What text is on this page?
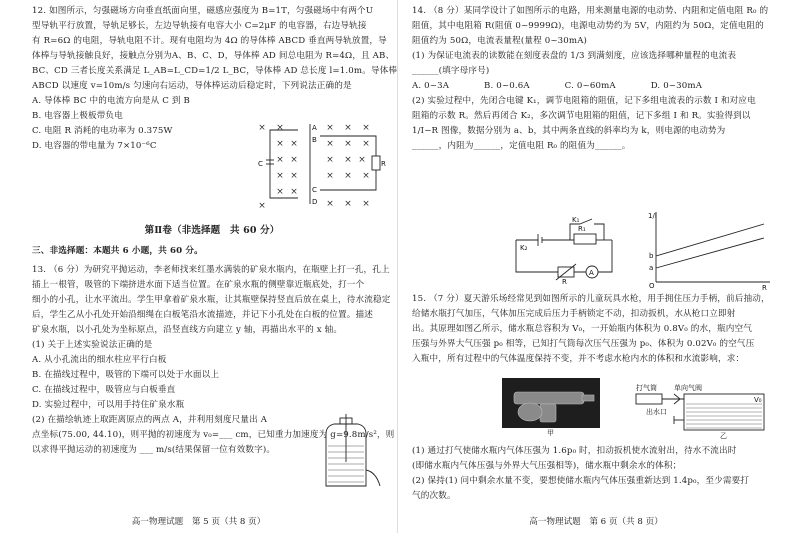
12. 如图所示，匀强磁场方向垂直纸面向里，磁感应强度为 B=1T，匀强磁场中有两个U

型导轨平行放置，导轨足够长，左边导轨接有电容大小 C=2μF 的电容器，右边导轨接

有 R=6Ω 的电阻，导轨电阻不计。现有电阻均为 4Ω 的导体棒 ABCD 垂直两导轨放置，导

体棒与导轨接触良好，接触点分别为A、B、C、D，导体棒 AD 间总电阻为 R=4Ω，且 AB、

BC、CD 三者长度关系满足 L_AB=L_CD=1/2 L_BC，导体棒 AD 总长度 l=1.0m。导体棒

ABCD 以速度 v=10m/s 匀速向右运动，导体棒运动后稳定时，下列说法正确的是

A. 导体棒 BC 中的电流方向是从 C 到 B

B. 电容器上极板带负电

C. 电阻 R 消耗的电功率为 0.375W

D. 电容器的带电量为 7×10⁻⁶C

× ×	× × ×
× ×	× × ×
× ×	× × ×
× ×	× × ×
×
× ×
× × ×
A
B
C
D
R
C
第Ⅱ卷（非选择题　共 60 分）
三、非选择题：本题共 6 小题，共 60 分。

13. （6 分）为研究平抛运动，李老师找来红墨水满装的矿泉水瓶内，在瓶壁上打一孔，孔上

插上一根管，吸管的下端挤进水面下适当位置。在矿泉水瓶的侧壁靠近瓶底处，打一个

细小的小孔，让水平流出。学生甲拿着矿泉水瓶，让其瓶壁保持竖直后放在桌上，待水流稳定

后，学生乙从小孔处开始沿细绳在白板笔沿水流描迹，并记下小孔处在白板的位置。描述

矿泉水瓶，以小孔处为坐标原点，沿竖直线方向建立 y 轴，再描出水平的 x 轴。

(1) 关于上述实验说法正确的是

A. 从小孔流出的细水柱应平行白板

B. 在描线过程中，吸管的下端可以处于水面以上

C. 在描线过程中，吸管应与白板垂直

D. 实验过程中，可以用手持住矿泉水瓶

(2) 在描绘轨迹上取距离原点的两点 A，并利用刻度尺量出 A

点坐标(75.00, 44.10)，则平抛的初速度为 v₀=___ cm，已知重力加速度为 g=9.8m/s²，则

以求得平抛运动的初速度为 ___ m/s(结果保留一位有效数字)。

高一物理试题　第 5 页（共 8 页）

14. （8 分）某同学设计了如图所示的电路，用来测量电源的电动势、内阻和定值电阻 R₀ 的

阻值，其中电阻箱 R(阻值 0~9999Ω)，电源电动势约为 5V，内阻约为 50Ω，定值电阻的

阻值约为 50Ω，电流表量程(量程 0~30mA)

(1) 为保证电流表的读数能在刻度表盘的 1/3 到满刻度，应该选择哪种量程的电流表

______(填字母序号)

A. 0~3A　　　　B. 0~0.6A　　　　C. 0~60mA　　　　D. 0~30mA

(2) 实验过程中，先闭合电键 K₁，调节电阻箱的阻值，记下多组电流表的示数 I 和对应电

阻箱的示数 R。然后再闭合 K₂，多次调节电阻箱的阻值，记下多组 I 和 R。实验得到以

1/I−R 图像，数据分别为 a、b，其中两条直线的斜率均为 k，则电源的电动势为

______，内阻为______，定值电阻 R₀ 的阻值为______。

K₂
R₁
K₁
A
R
1/I
R
b
a
O

15. （7 分）夏天游乐场经常见到如图所示的儿童玩具水枪，用手拥住压力手柄，前后抽动，

给储水瓶打气加压，气体加压完成后压力手柄锁定不动，扣动扳机，水从枪口立即射

出。其原理如图乙所示，储水瓶总容积为 V₀，一开始瓶内体积为 0.8V₀ 的水，瓶内空气

压强与外界大气压强 p₀ 相等，已知打气筒每次压气压强为 p₀、体积为 0.02V₀ 的空气压

入瓶中，所有过程中的气体温度保持不变，并不考虑水枪内水的体积和水流影响，求：

甲
打气筒 单向气阀
出水口
V₀
乙

(1) 通过打气使储水瓶内气体压强为 1.6p₀ 时，扣动扳机使水流射出，待水不流出时

(即储水瓶内气体压强与外界大气压强相等)，储水瓶中剩余水的体积；

(2) 保持(1) 问中剩余水量不变，要想使储水瓶内气体压强重新达到 1.4p₀，至少需要打

气的次数。

高一物理试题　第 6 页（共 8 页）
